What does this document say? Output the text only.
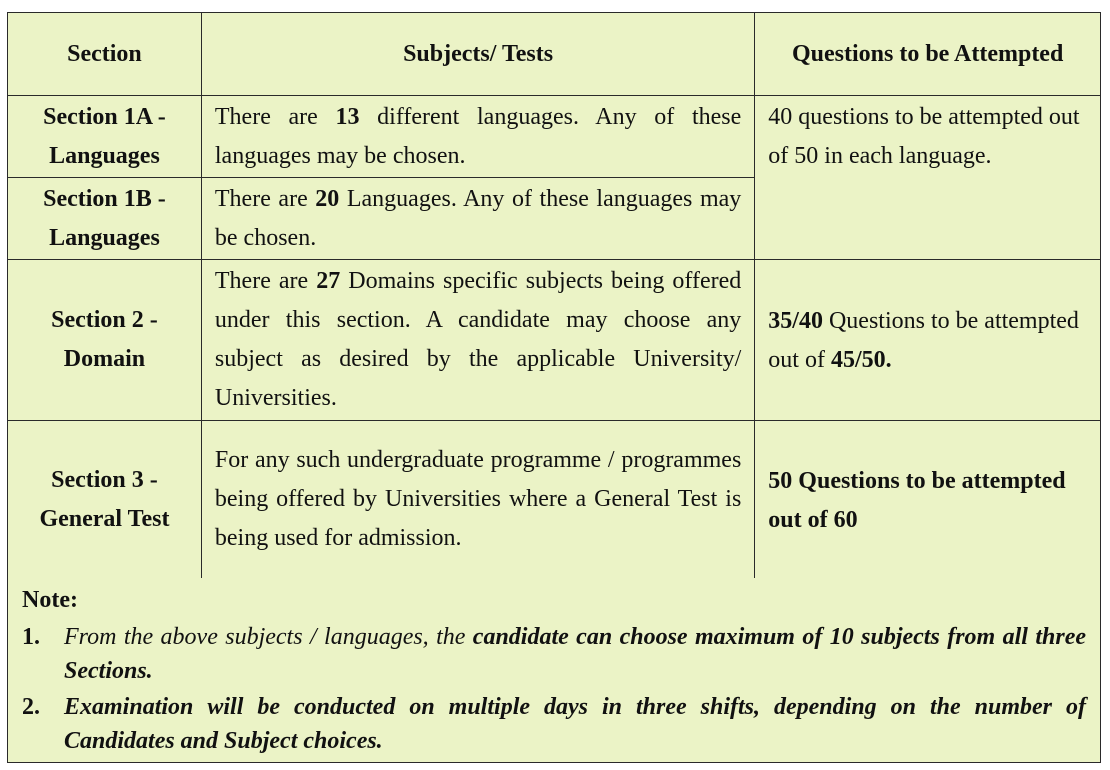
Section	Subjects/ Tests	Questions to be Attempted
Section 1A - Languages	There are 13 different languages. Any of these languages may be chosen.	40 questions to be attempted out of 50 in each language.
Section 1B - Languages	There are 20 Languages. Any of these languages may be chosen.	
Section 2 - Domain	There are 27 Domains specific subjects being offered under this section. A candidate may choose any subject as desired by the applicable University/ Universities.	35/40 Questions to be attempted out of 45/50.
Section 3 - General Test	For any such undergraduate programme / programmes being offered by Universities where a General Test is being used for admission.	50 Questions to be attempted out of 60
Note:
1.	From the above subjects / languages, the candidate can choose maximum of 10 subjects from all three Sections.
2.	Examination will be conducted on multiple days in three shifts, depending on the number of Candidates and Subject choices.
